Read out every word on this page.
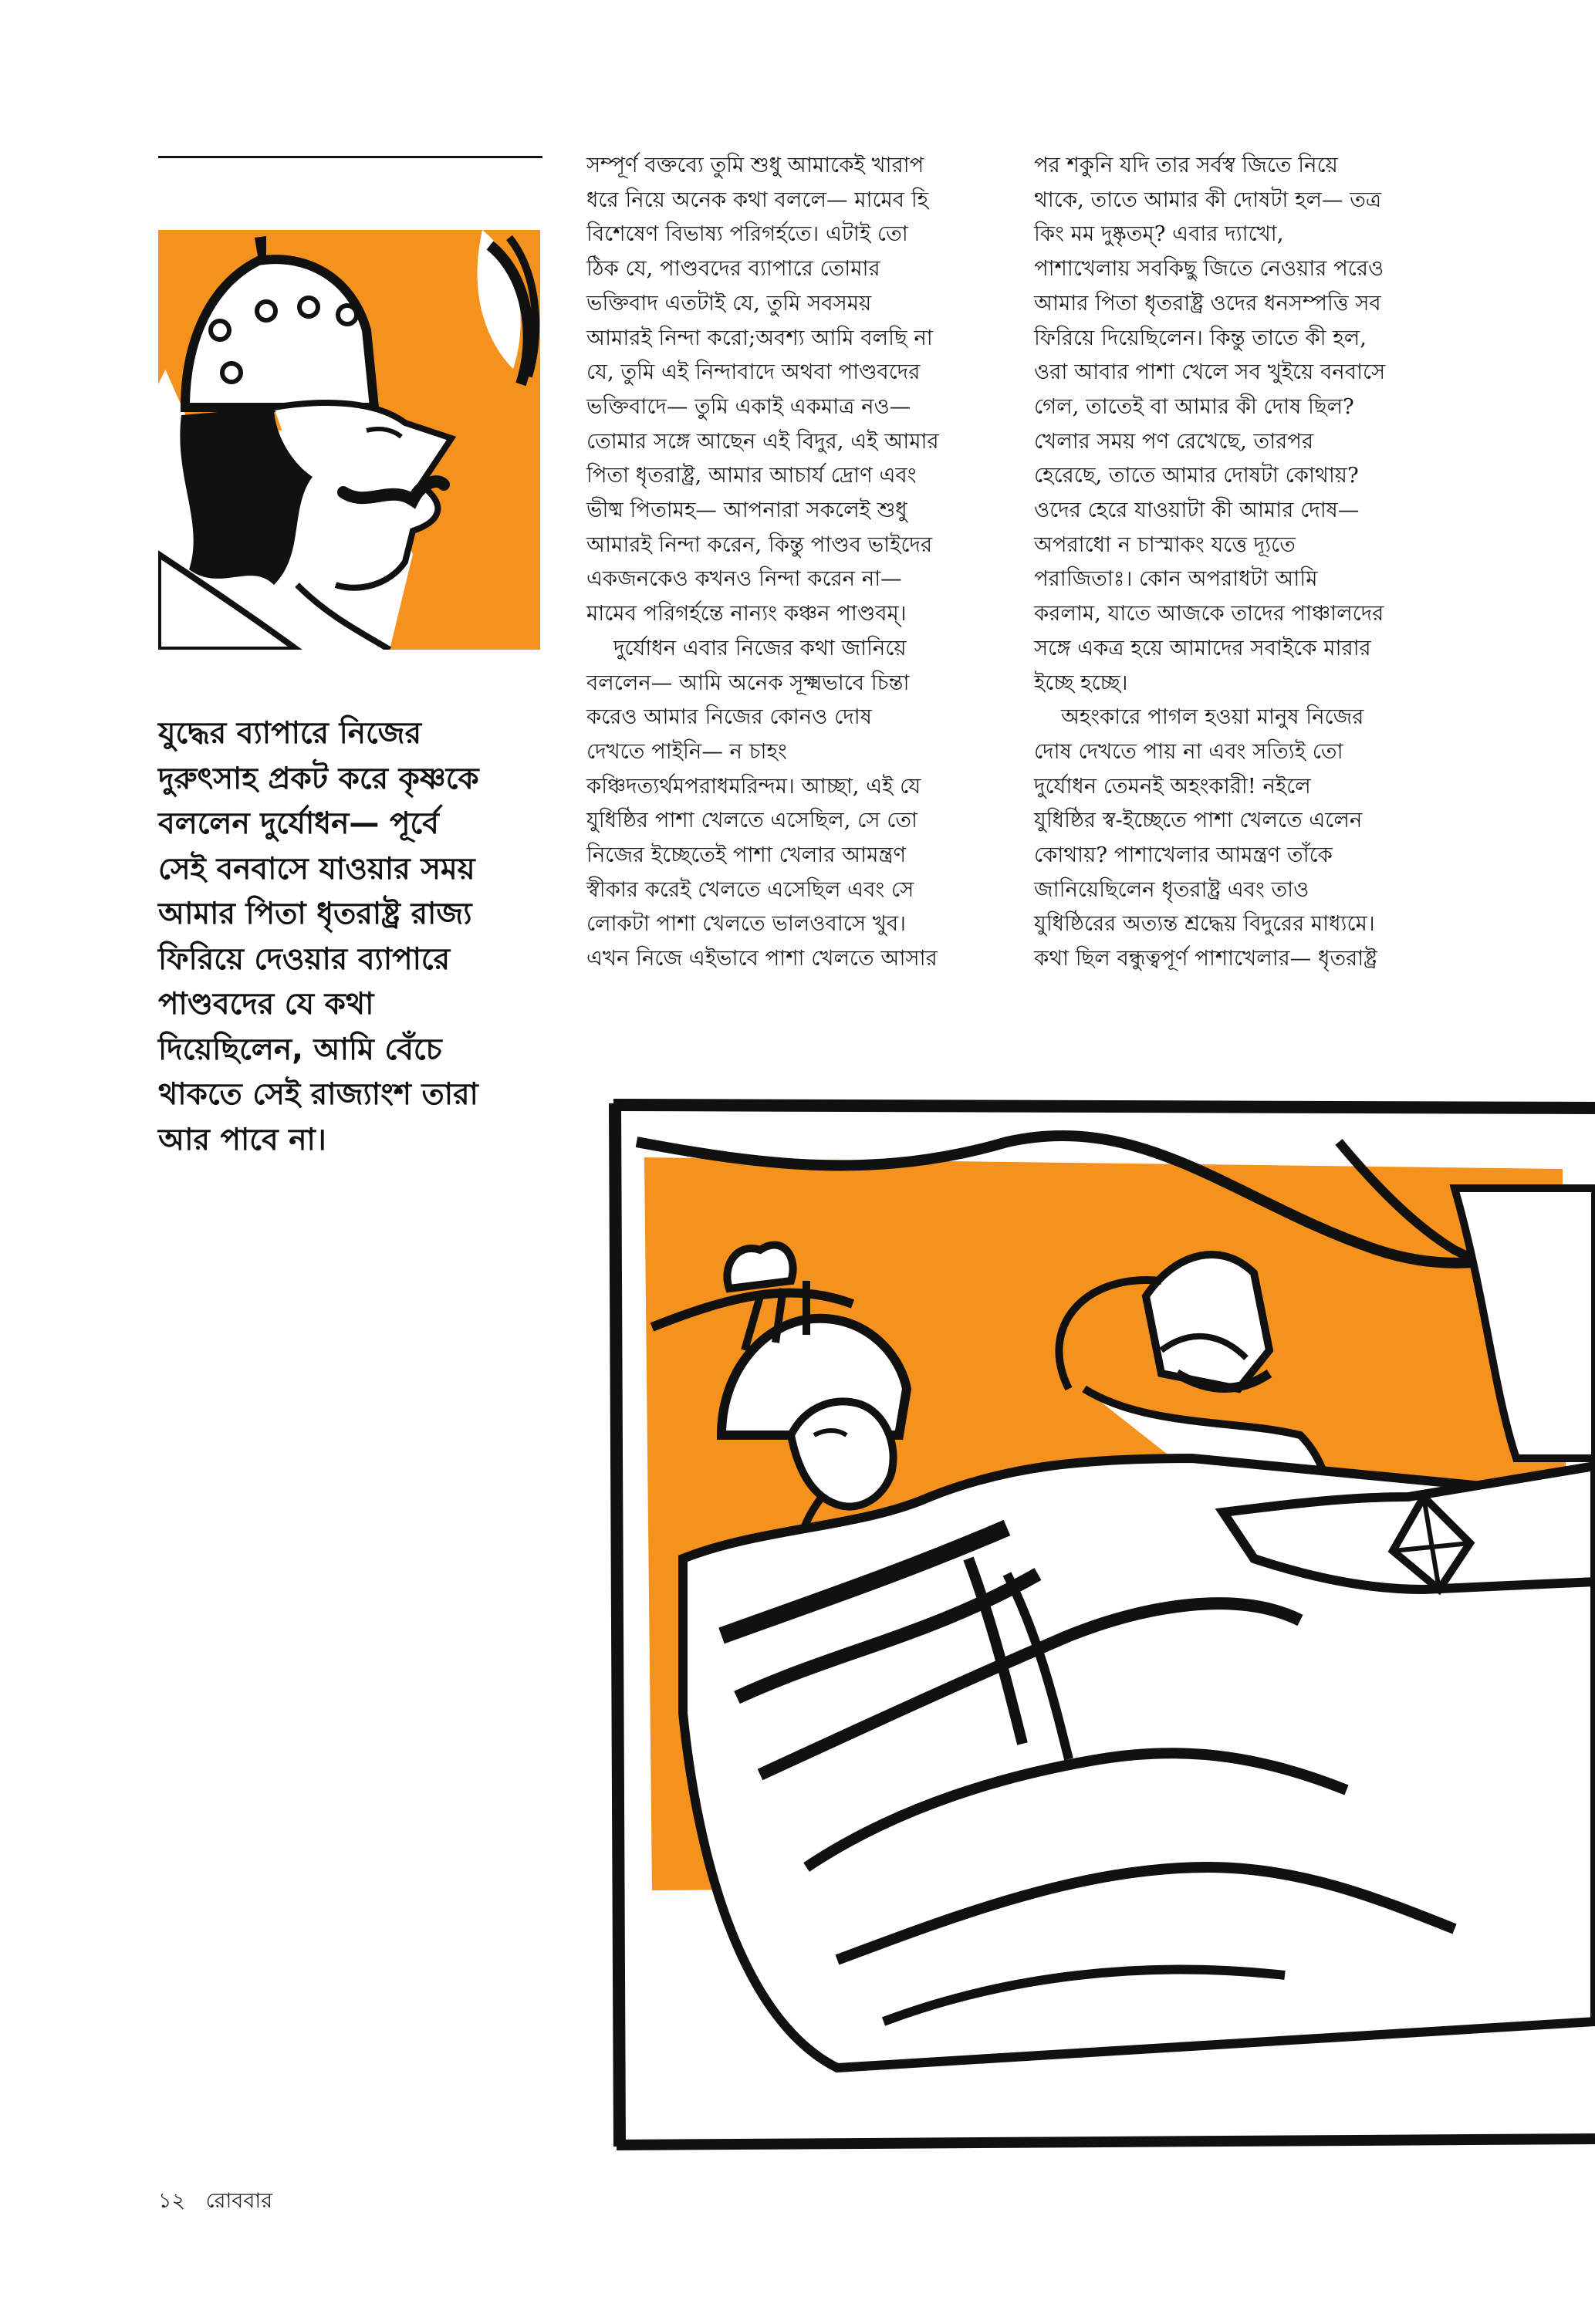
যুদ্ধের ব্যাপারে নিজের
দুরুৎসাহ প্রকট করে কৃষ্ণকে
বললেন দুর্যোধন— পূর্বে
সেই বনবাসে যাওয়ার সময়
আমার পিতা ধৃতরাষ্ট্র রাজ্য
ফিরিয়ে দেওয়ার ব্যাপারে
পাণ্ডবদের যে কথা
দিয়েছিলেন, আমি বেঁচে
থাকতে সেই রাজ্যাংশ তারা
আর পাবে না।
সম্পূর্ণ বক্তব্যে তুমি শুধু আমাকেই খারাপ
ধরে নিয়ে অনেক কথা বললে— মামেব হি
বিশেষেণ বিভাষ্য পরিগর্হতে। এটাই তো
ঠিক যে, পাণ্ডবদের ব্যাপারে তোমার
ভক্তিবাদ এতটাই যে, তুমি সবসময়
আমারই নিন্দা করো;অবশ্য আমি বলছি না
যে, তুমি এই নিন্দাবাদে অথবা পাণ্ডবদের
ভক্তিবাদে— তুমি একাই একমাত্র নও—
তোমার সঙ্গে আছেন এই বিদুর, এই আমার
পিতা ধৃতরাষ্ট্র, আমার আচার্য দ্রোণ এবং
ভীষ্ম পিতামহ— আপনারা সকলেই শুধু
আমারই নিন্দা করেন, কিন্তু পাণ্ডব ভাইদের
একজনকেও কখনও নিন্দা করেন না—
মামেব পরিগর্হন্তে নান্যং কঞ্চন পাণ্ডবম্।
দুর্যোধন এবার নিজের কথা জানিয়ে
বললেন— আমি অনেক সূক্ষ্মভাবে চিন্তা
করেও আমার নিজের কোনও দোষ
দেখতে পাইনি— ন চাহং
কঞ্চিদত্যর্থমপরাধমরিন্দম। আচ্ছা, এই যে
যুধিষ্ঠির পাশা খেলতে এসেছিল, সে তো
নিজের ইচ্ছেতেই পাশা খেলার আমন্ত্রণ
স্বীকার করেই খেলতে এসেছিল এবং সে
লোকটা পাশা খেলতে ভালওবাসে খুব।
এখন নিজে এইভাবে পাশা খেলতে আসার
পর শকুনি যদি তার সর্বস্ব জিতে নিয়ে
থাকে, তাতে আমার কী দোষটা হল— তত্র
কিং মম দুষ্কৃতম্? এবার দ্যাখো,
পাশাখেলায় সবকিছু জিতে নেওয়ার পরেও
আমার পিতা ধৃতরাষ্ট্র ওদের ধনসম্পত্তি সব
ফিরিয়ে দিয়েছিলেন। কিন্তু তাতে কী হল,
ওরা আবার পাশা খেলে সব খুইয়ে বনবাসে
গেল, তাতেই বা আমার কী দোষ ছিল?
খেলার সময় পণ রেখেছে, তারপর
হেরেছে, তাতে আমার দোষটা কোথায়?
ওদের হেরে যাওয়াটা কী আমার দোষ—
অপরাধো ন চাস্মাকং যত্তে দ্যূতে
পরাজিতাঃ। কোন অপরাধটা আমি
করলাম, যাতে আজকে তাদের পাঞ্চালদের
সঙ্গে একত্র হয়ে আমাদের সবাইকে মারার
ইচ্ছে হচ্ছে।
অহংকারে পাগল হওয়া মানুষ নিজের
দোষ দেখতে পায় না এবং সত্যিই তো
দুর্যোধন তেমনই অহংকারী! নইলে
যুধিষ্ঠির স্ব-ইচ্ছেতে পাশা খেলতে এলেন
কোথায়? পাশাখেলার আমন্ত্রণ তাঁকে
জানিয়েছিলেন ধৃতরাষ্ট্র এবং তাও
যুধিষ্ঠিরের অত্যন্ত শ্রদ্ধেয় বিদুরের মাধ্যমে।
কথা ছিল বন্ধুত্বপূর্ণ পাশাখেলার— ধৃতরাষ্ট্র
১২ রোববার
